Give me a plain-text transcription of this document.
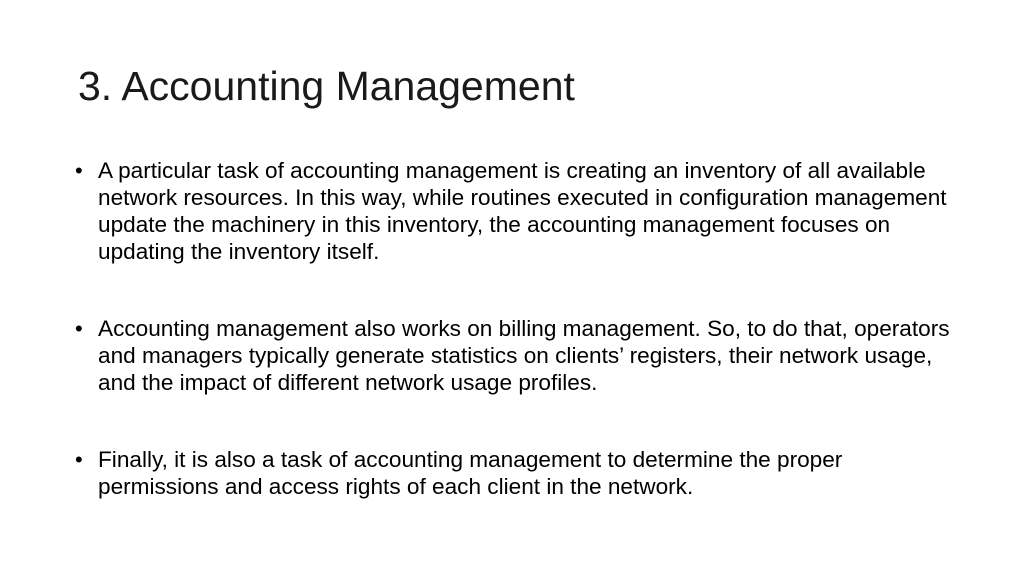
3. Accounting Management
• A particular task of accounting management is creating an inventory of all available network resources. In this way, while routines executed in configuration management update the machinery in this inventory, the accounting management focuses on updating the inventory itself.
• Accounting management also works on billing management. So, to do that, operators and managers typically generate statistics on clients’ registers, their network usage, and the impact of different network usage profiles.
• Finally, it is also a task of accounting management to determine the proper permissions and access rights of each client in the network.
